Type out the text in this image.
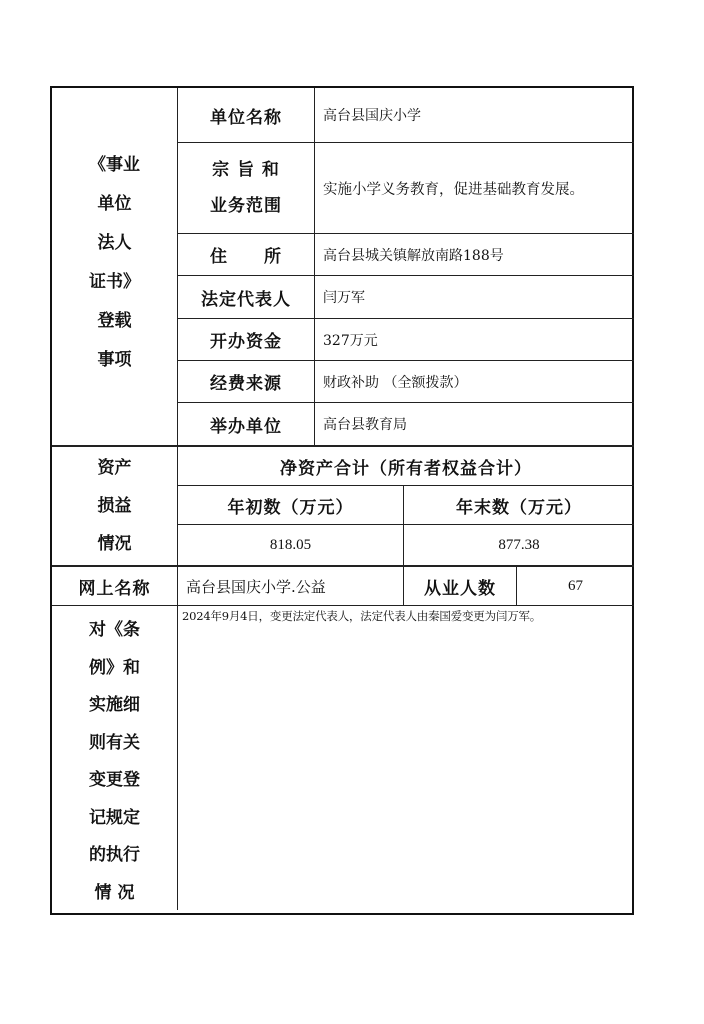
《事业
单位
法人
证书》
登载
事项
单位名称	高台县国庆小学
宗 旨 和
业务范围
实施小学义务教育，促进基础教育发展。
住　　所	高台县城关镇解放南路188号
法定代表人	闫万军
开办资金	327万元
经费来源	财政补助 （全额拨款）
举办单位	高台县教育局
资产
损益
情况
净资产合计（所有者权益合计）
年初数（万元）	年末数（万元）
818.05	877.38
网上名称	高台县国庆小学.公益	从业人数	67
对《条
例》和
实施细
则有关
变更登
记规定
的执行
情 况
2024年9月4日，变更法定代表人，法定代表人由秦国爱变更为闫万军。
